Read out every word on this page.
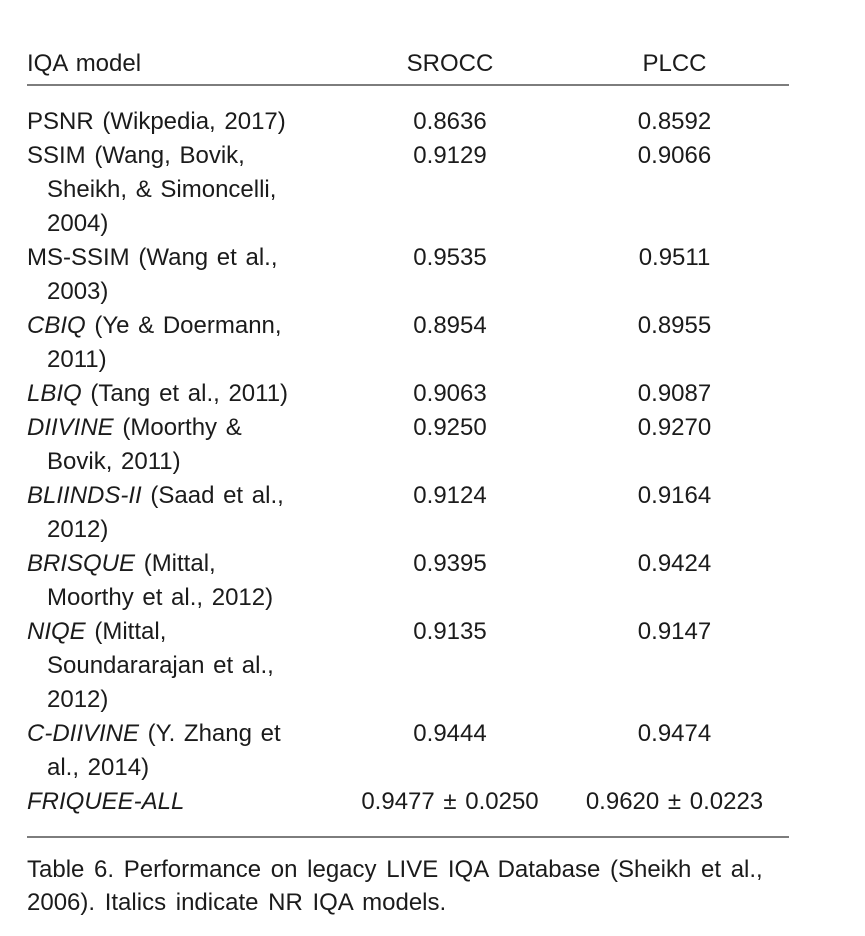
IQA model	SROCC	PLCC
PSNR (Wikpedia, 2017)	0.8636	0.8592
SSIM (Wang, Bovik,
Sheikh, & Simoncelli,
2004)
0.9129	0.9066
MS-SSIM (Wang et al.,
2003)
0.9535	0.9511
CBIQ (Ye & Doermann,
2011)
0.8954	0.8955
LBIQ (Tang et al., 2011)	0.9063	0.9087
DIIVINE (Moorthy &
Bovik, 2011)
0.9250	0.9270
BLIINDS-II (Saad et al.,
2012)
0.9124	0.9164
BRISQUE (Mittal,
Moorthy et al., 2012)
0.9395	0.9424
NIQE (Mittal,
Soundararajan et al.,
2012)
0.9135	0.9147
C-DIIVINE (Y. Zhang et
al., 2014)
0.9444	0.9474
FRIQUEE-ALL	0.9477 ± 0.0250	0.9620 ± 0.0223
Table 6. Performance on legacy LIVE IQA Database (Sheikh et al.,
2006). Italics indicate NR IQA models.
